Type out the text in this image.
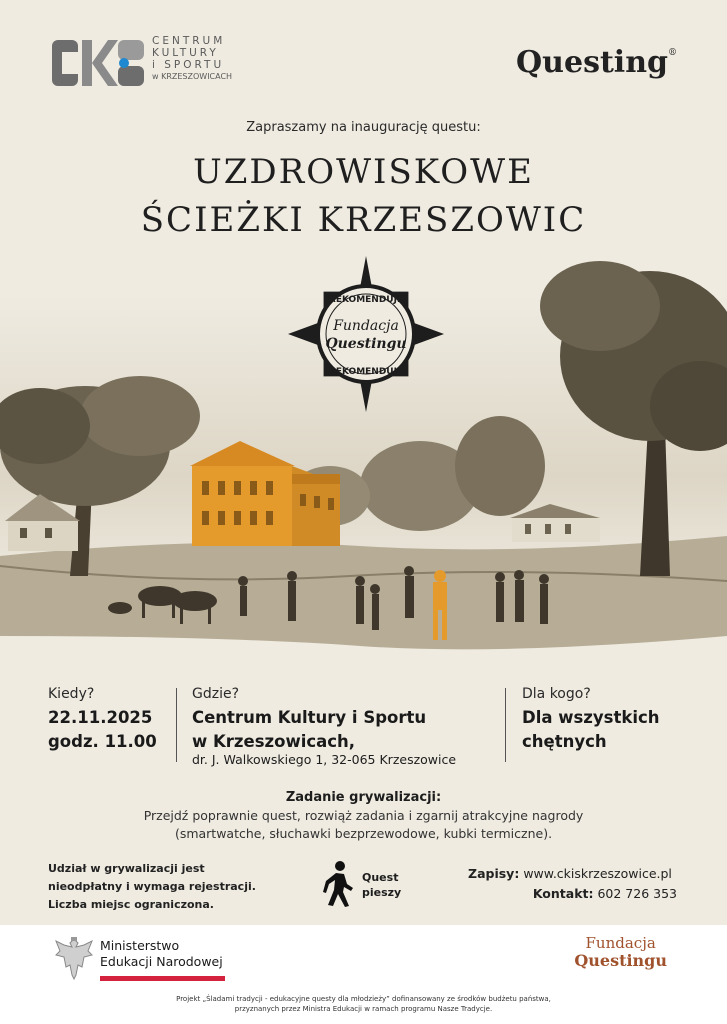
CENTRUM
KULTURY
i SPORTU
w KRZESZOWICACH	Questing®
Zapraszamy na inaugurację questu:
UZDROWISKOWE
ŚCIEŻKI KRZESZOWIC
REKOMENDUJE
Fundacja
Questingu
REKOMENDUJE
Kiedy?
22.11.2025
godz. 11.00
Gdzie?
Centrum Kultury i Sportu
w Krzeszowicach,
dr. J. Walkowskiego 1, 32-065 Krzeszowice
Dla kogo?
Dla wszystkich
chętnych
Zadanie grywalizacji:
Przejdź poprawnie quest, rozwiąż zadania i zgarnij atrakcyjne nagrody
(smartwatche, słuchawki bezprzewodowe, kubki termiczne).
Udział w grywalizacji jest
nieodpłatny i wymaga rejestracji.
Liczba miejsc ograniczona.
Quest
pieszy
Zapisy: www.ckiskrzeszowice.pl
Kontakt: 602 726 353
Ministerstwo
Edukacji Narodowej
Fundacja
Questingu
Projekt „Śladami tradycji - edukacyjne questy dla młodzieży” dofinansowany ze środków budżetu państwa,
przyznanych przez Ministra Edukacji w ramach programu Nasze Tradycje.
